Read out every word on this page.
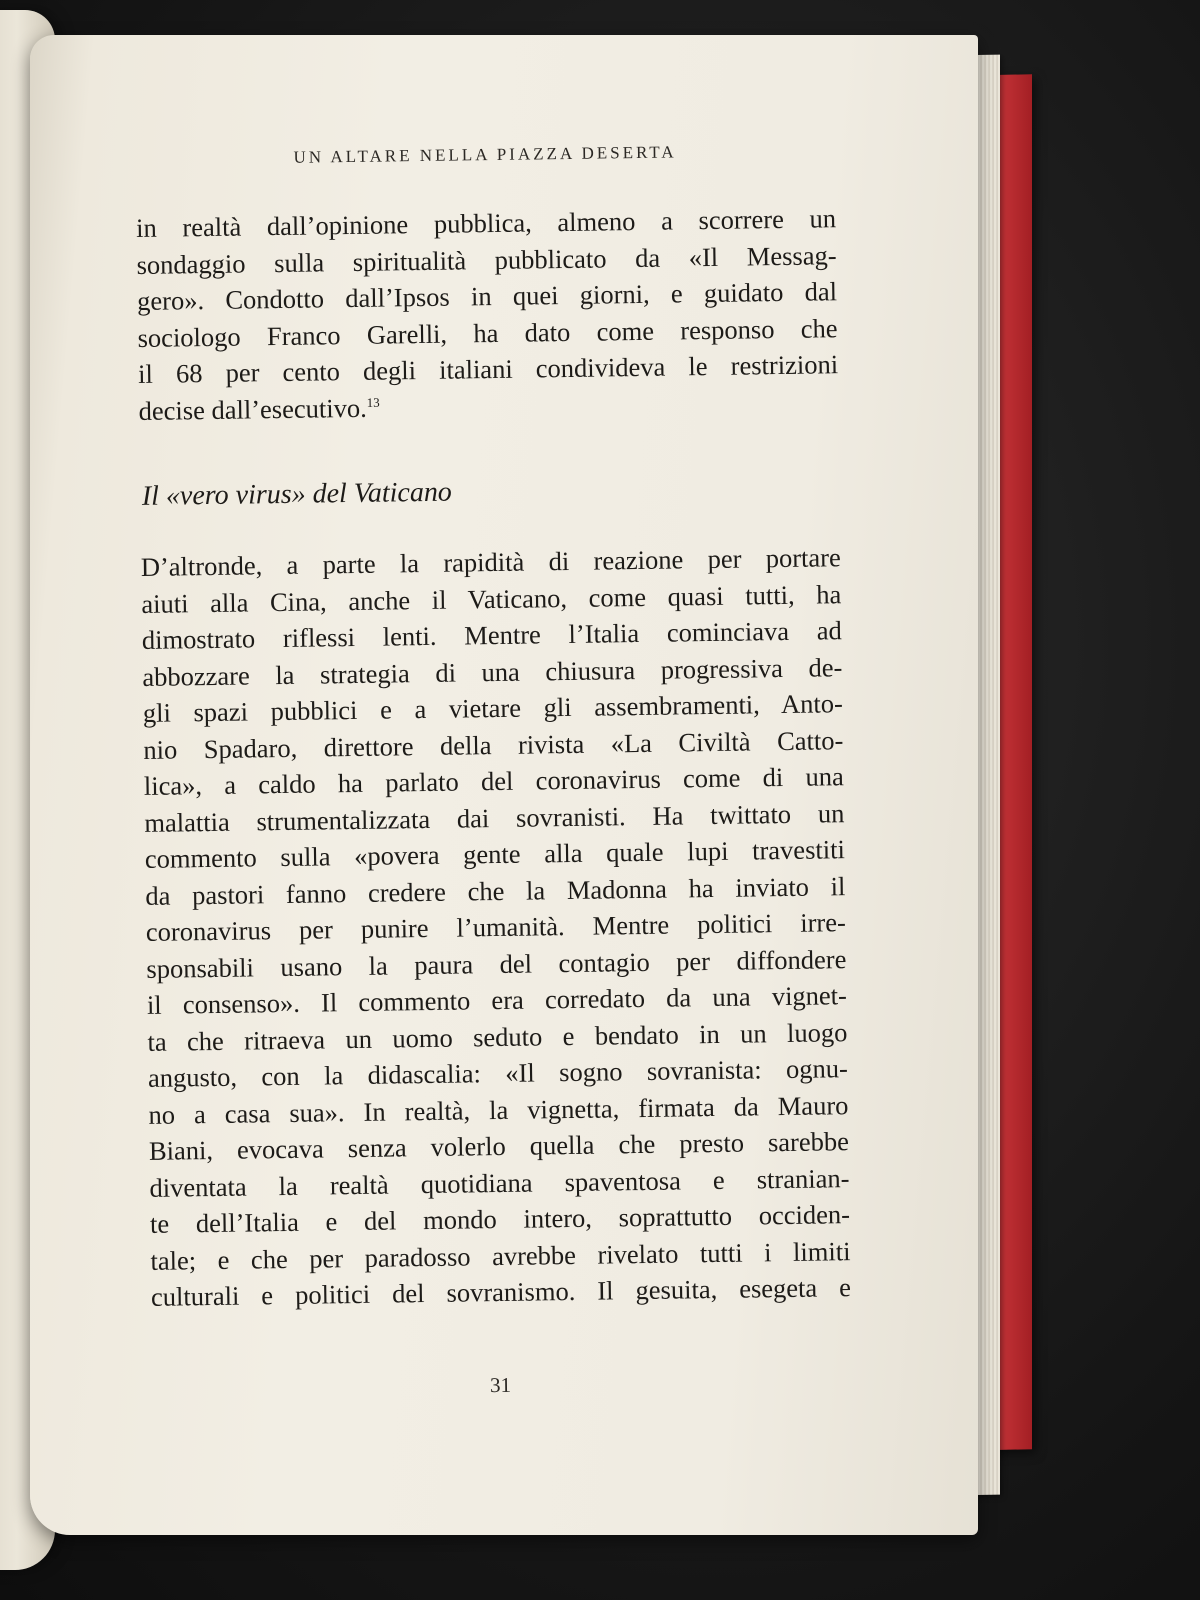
UN ALTARE NELLA PIAZZA DESERTA
in realtà dall’opinione pubblica, almeno a scorrere un
sondaggio sulla spiritualità pubblicato da «Il Messag-
gero». Condotto dall’Ipsos in quei giorni, e guidato dal
sociologo Franco Garelli, ha dato come responso che
il 68 per cento degli italiani condivideva le restrizioni
decise dall’esecutivo.$^{13}$
Il «vero virus» del Vaticano
D’altronde, a parte la rapidità di reazione per portare
aiuti alla Cina, anche il Vaticano, come quasi tutti, ha
dimostrato riflessi lenti. Mentre l’Italia cominciava ad
abbozzare la strategia di una chiusura progressiva de-
gli spazi pubblici e a vietare gli assembramenti, Anto-
nio Spadaro, direttore della rivista «La Civiltà Catto-
lica», a caldo ha parlato del coronavirus come di una
malattia strumentalizzata dai sovranisti. Ha twittato un
commento sulla «povera gente alla quale lupi travestiti
da pastori fanno credere che la Madonna ha inviato il
coronavirus per punire l’umanità. Mentre politici irre-
sponsabili usano la paura del contagio per diffondere
il consenso». Il commento era corredato da una vignet-
ta che ritraeva un uomo seduto e bendato in un luogo
angusto, con la didascalia: «Il sogno sovranista: ognu-
no a casa sua». In realtà, la vignetta, firmata da Mauro
Biani, evocava senza volerlo quella che presto sarebbe
diventata la realtà quotidiana spaventosa e stranian-
te dell’Italia e del mondo intero, soprattutto occiden-
tale; e che per paradosso avrebbe rivelato tutti i limiti
culturali e politici del sovranismo. Il gesuita, esegeta e
31
